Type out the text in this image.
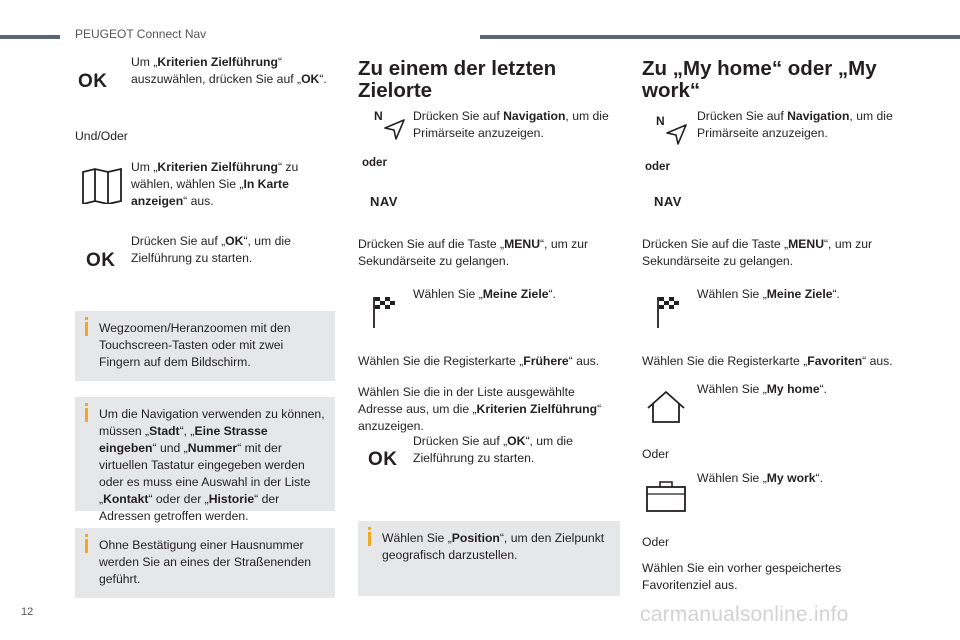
PEUGEOT Connect Nav
OK
Um „Kriterien Zielführung“ auszuwählen, drücken Sie auf „OK“.
Und/Oder
Um „Kriterien Zielführung“ zu wählen, wählen Sie „In Karte anzeigen“ aus.
OK
Drücken Sie auf „OK“, um die Zielführung zu starten.
Wegzoomen/Heranzoomen mit den Touchscreen-Tasten oder mit zwei Fingern auf dem Bildschirm.
Um die Navigation verwenden zu können, müssen „Stadt“, „Eine Strasse eingeben“ und „Nummer“ mit der virtuellen Tastatur eingegeben werden oder es muss eine Auswahl in der Liste „Kontakt“ oder der „Historie“ der Adressen getroffen werden.
Ohne Bestätigung einer Hausnummer werden Sie an eines der Straßenenden geführt.
Zu einem der letzten Zielorte
N
oder
NAV
Drücken Sie auf Navigation, um die Primärseite anzuzeigen.
Drücken Sie auf die Taste „MENU“, um zur Sekundärseite zu gelangen.
Wählen Sie „Meine Ziele“.
Wählen Sie die Registerkarte „Frühere“ aus.
Wählen Sie die in der Liste ausgewählte Adresse aus, um die „Kriterien Zielführung“ anzuzeigen.
OK
Drücken Sie auf „OK“, um die Zielführung zu starten.
Wählen Sie „Position“, um den Zielpunkt geografisch darzustellen.
Zu „My home“ oder „My work“
N
oder
NAV
Drücken Sie auf Navigation, um die Primärseite anzuzeigen.
Drücken Sie auf die Taste „MENU“, um zur Sekundärseite zu gelangen.
Wählen Sie „Meine Ziele“.
Wählen Sie die Registerkarte „Favoriten“ aus.
Wählen Sie „My home“.
Oder
Wählen Sie „My work“.
Oder
Wählen Sie ein vorher gespeichertes Favoritenziel aus.
12	carmanualsonline.info
